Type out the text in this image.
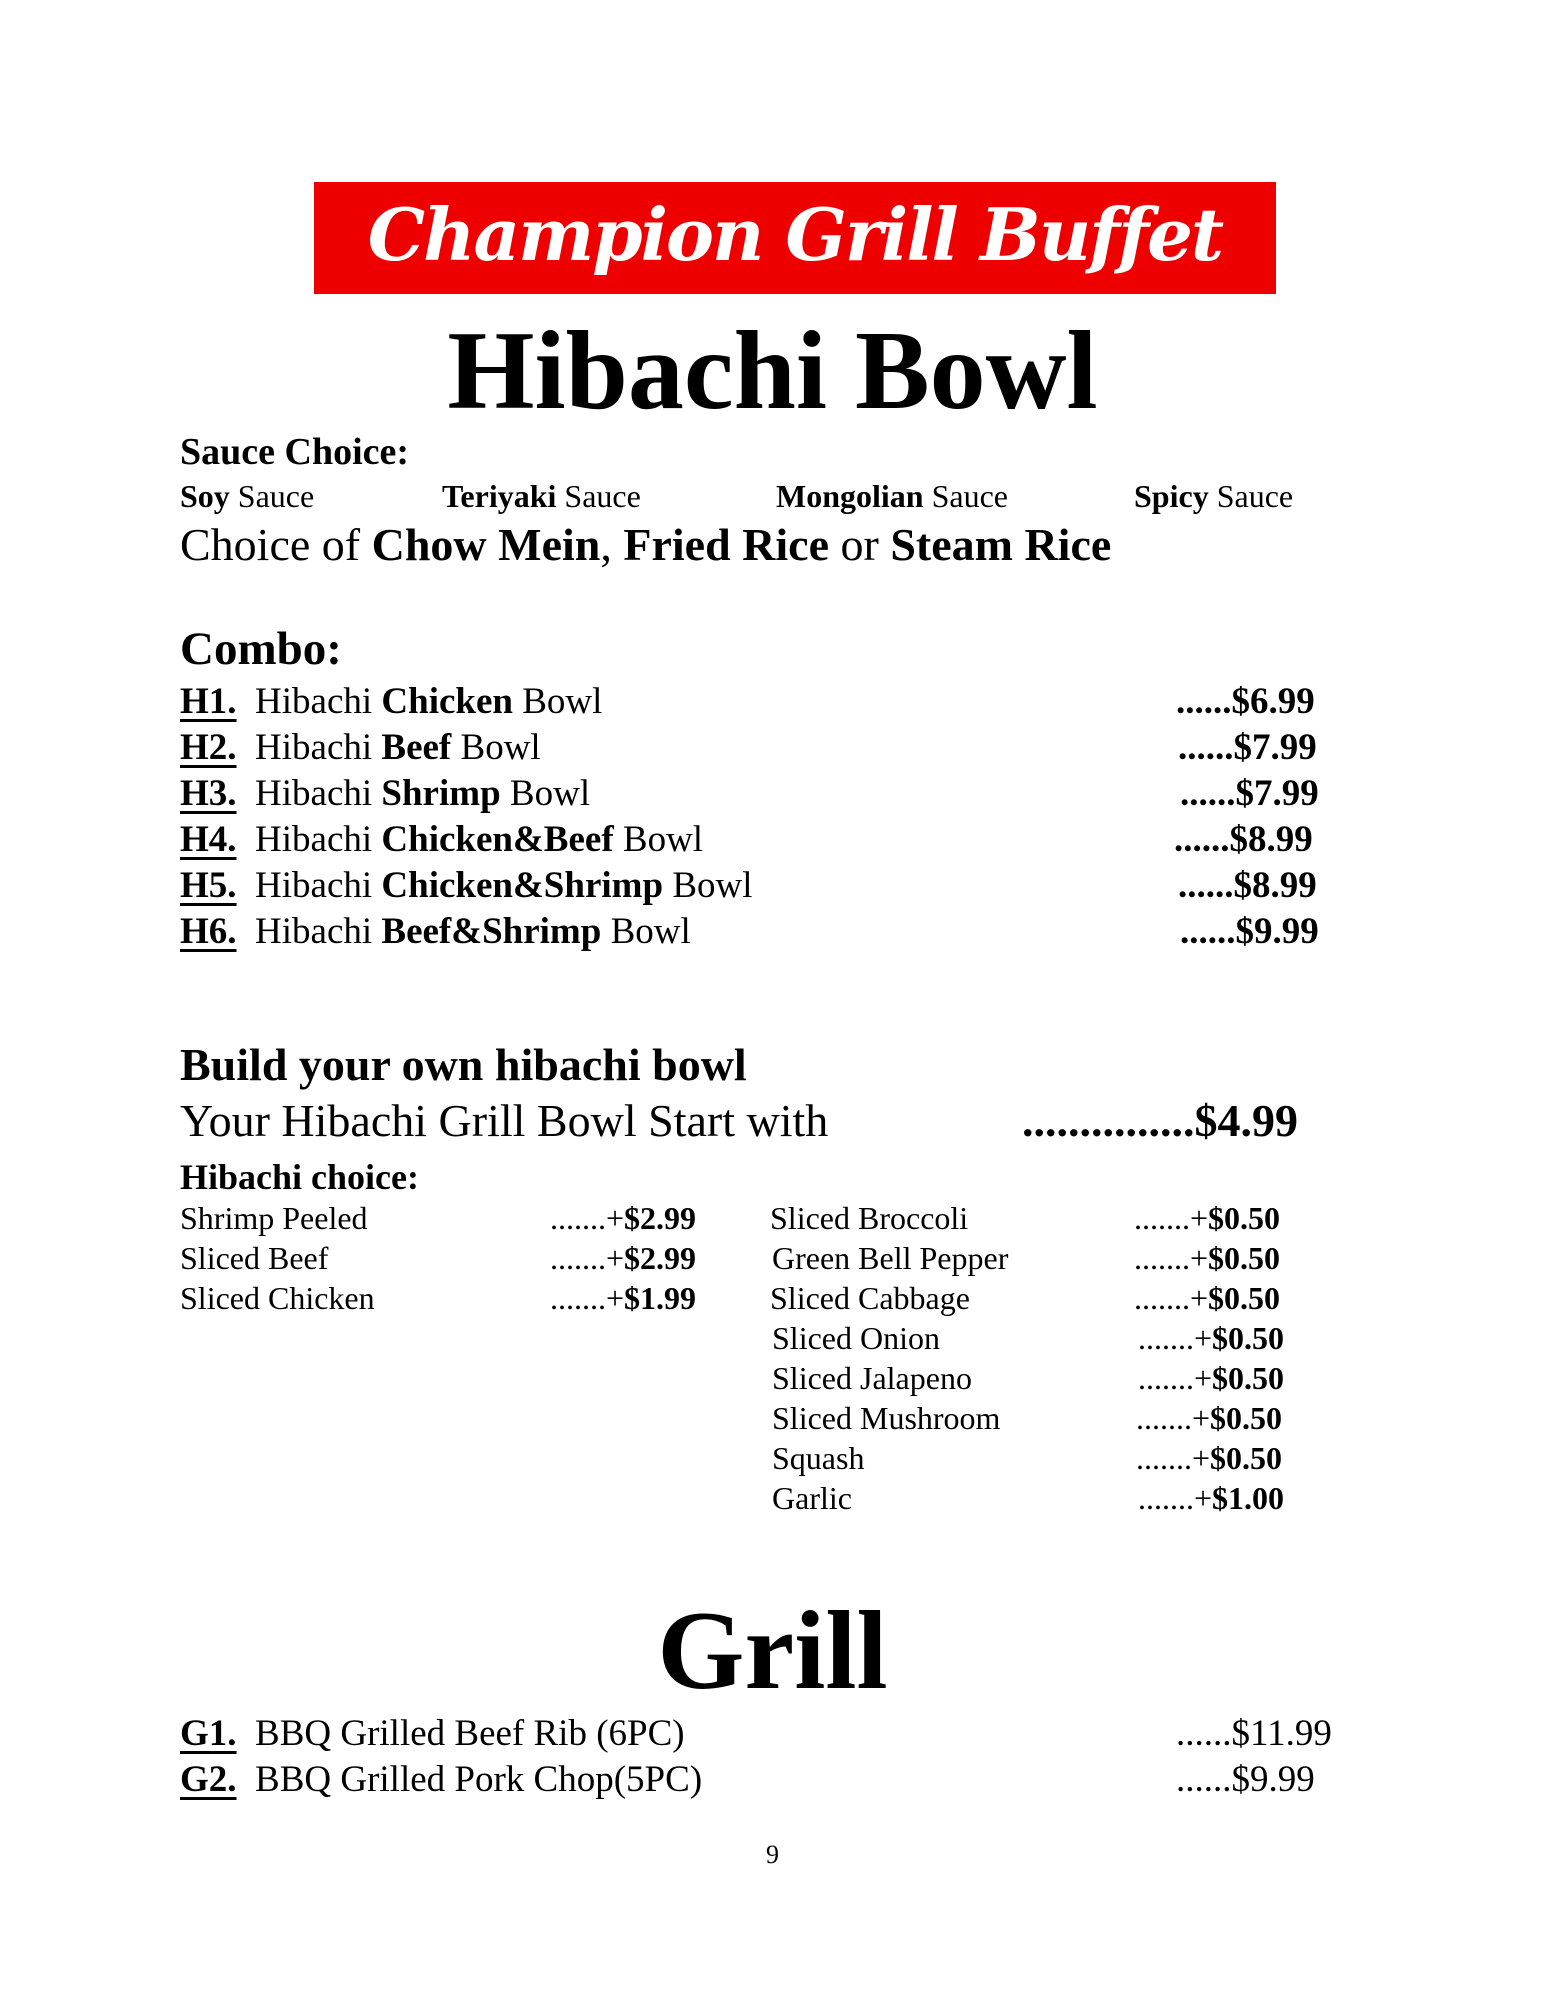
Champion Grill Buffet
Hibachi Bowl
Sauce Choice:
Soy Sauce	Teriyaki Sauce	Mongolian Sauce	Spicy Sauce
Choice of Chow Mein, Fried Rice or Steam Rice
Combo:
H1. Hibachi Chicken Bowl	......$6.99
H2. Hibachi Beef Bowl	......$7.99
H3. Hibachi Shrimp Bowl	......$7.99
H4. Hibachi Chicken&Beef Bowl	......$8.99
H5. Hibachi Chicken&Shrimp Bowl	......$8.99
H6. Hibachi Beef&Shrimp Bowl	......$9.99
Build your own hibachi bowl
Your Hibachi Grill Bowl Start with	...............$4.99
Hibachi choice:
Shrimp Peeled	.......+$2.99
Sliced Beef	.......+$2.99
Sliced Chicken	.......+$1.99
Sliced Broccoli	.......+$0.50
Green Bell Pepper	.......+$0.50
Sliced Cabbage	.......+$0.50
Sliced Onion	.......+$0.50
Sliced Jalapeno	.......+$0.50
Sliced Mushroom	.......+$0.50
Squash	.......+$0.50
Garlic	.......+$1.00
Grill
G1. BBQ Grilled Beef Rib (6PC)	......$11.99
G2. BBQ Grilled Pork Chop(5PC)	......$9.99
9
